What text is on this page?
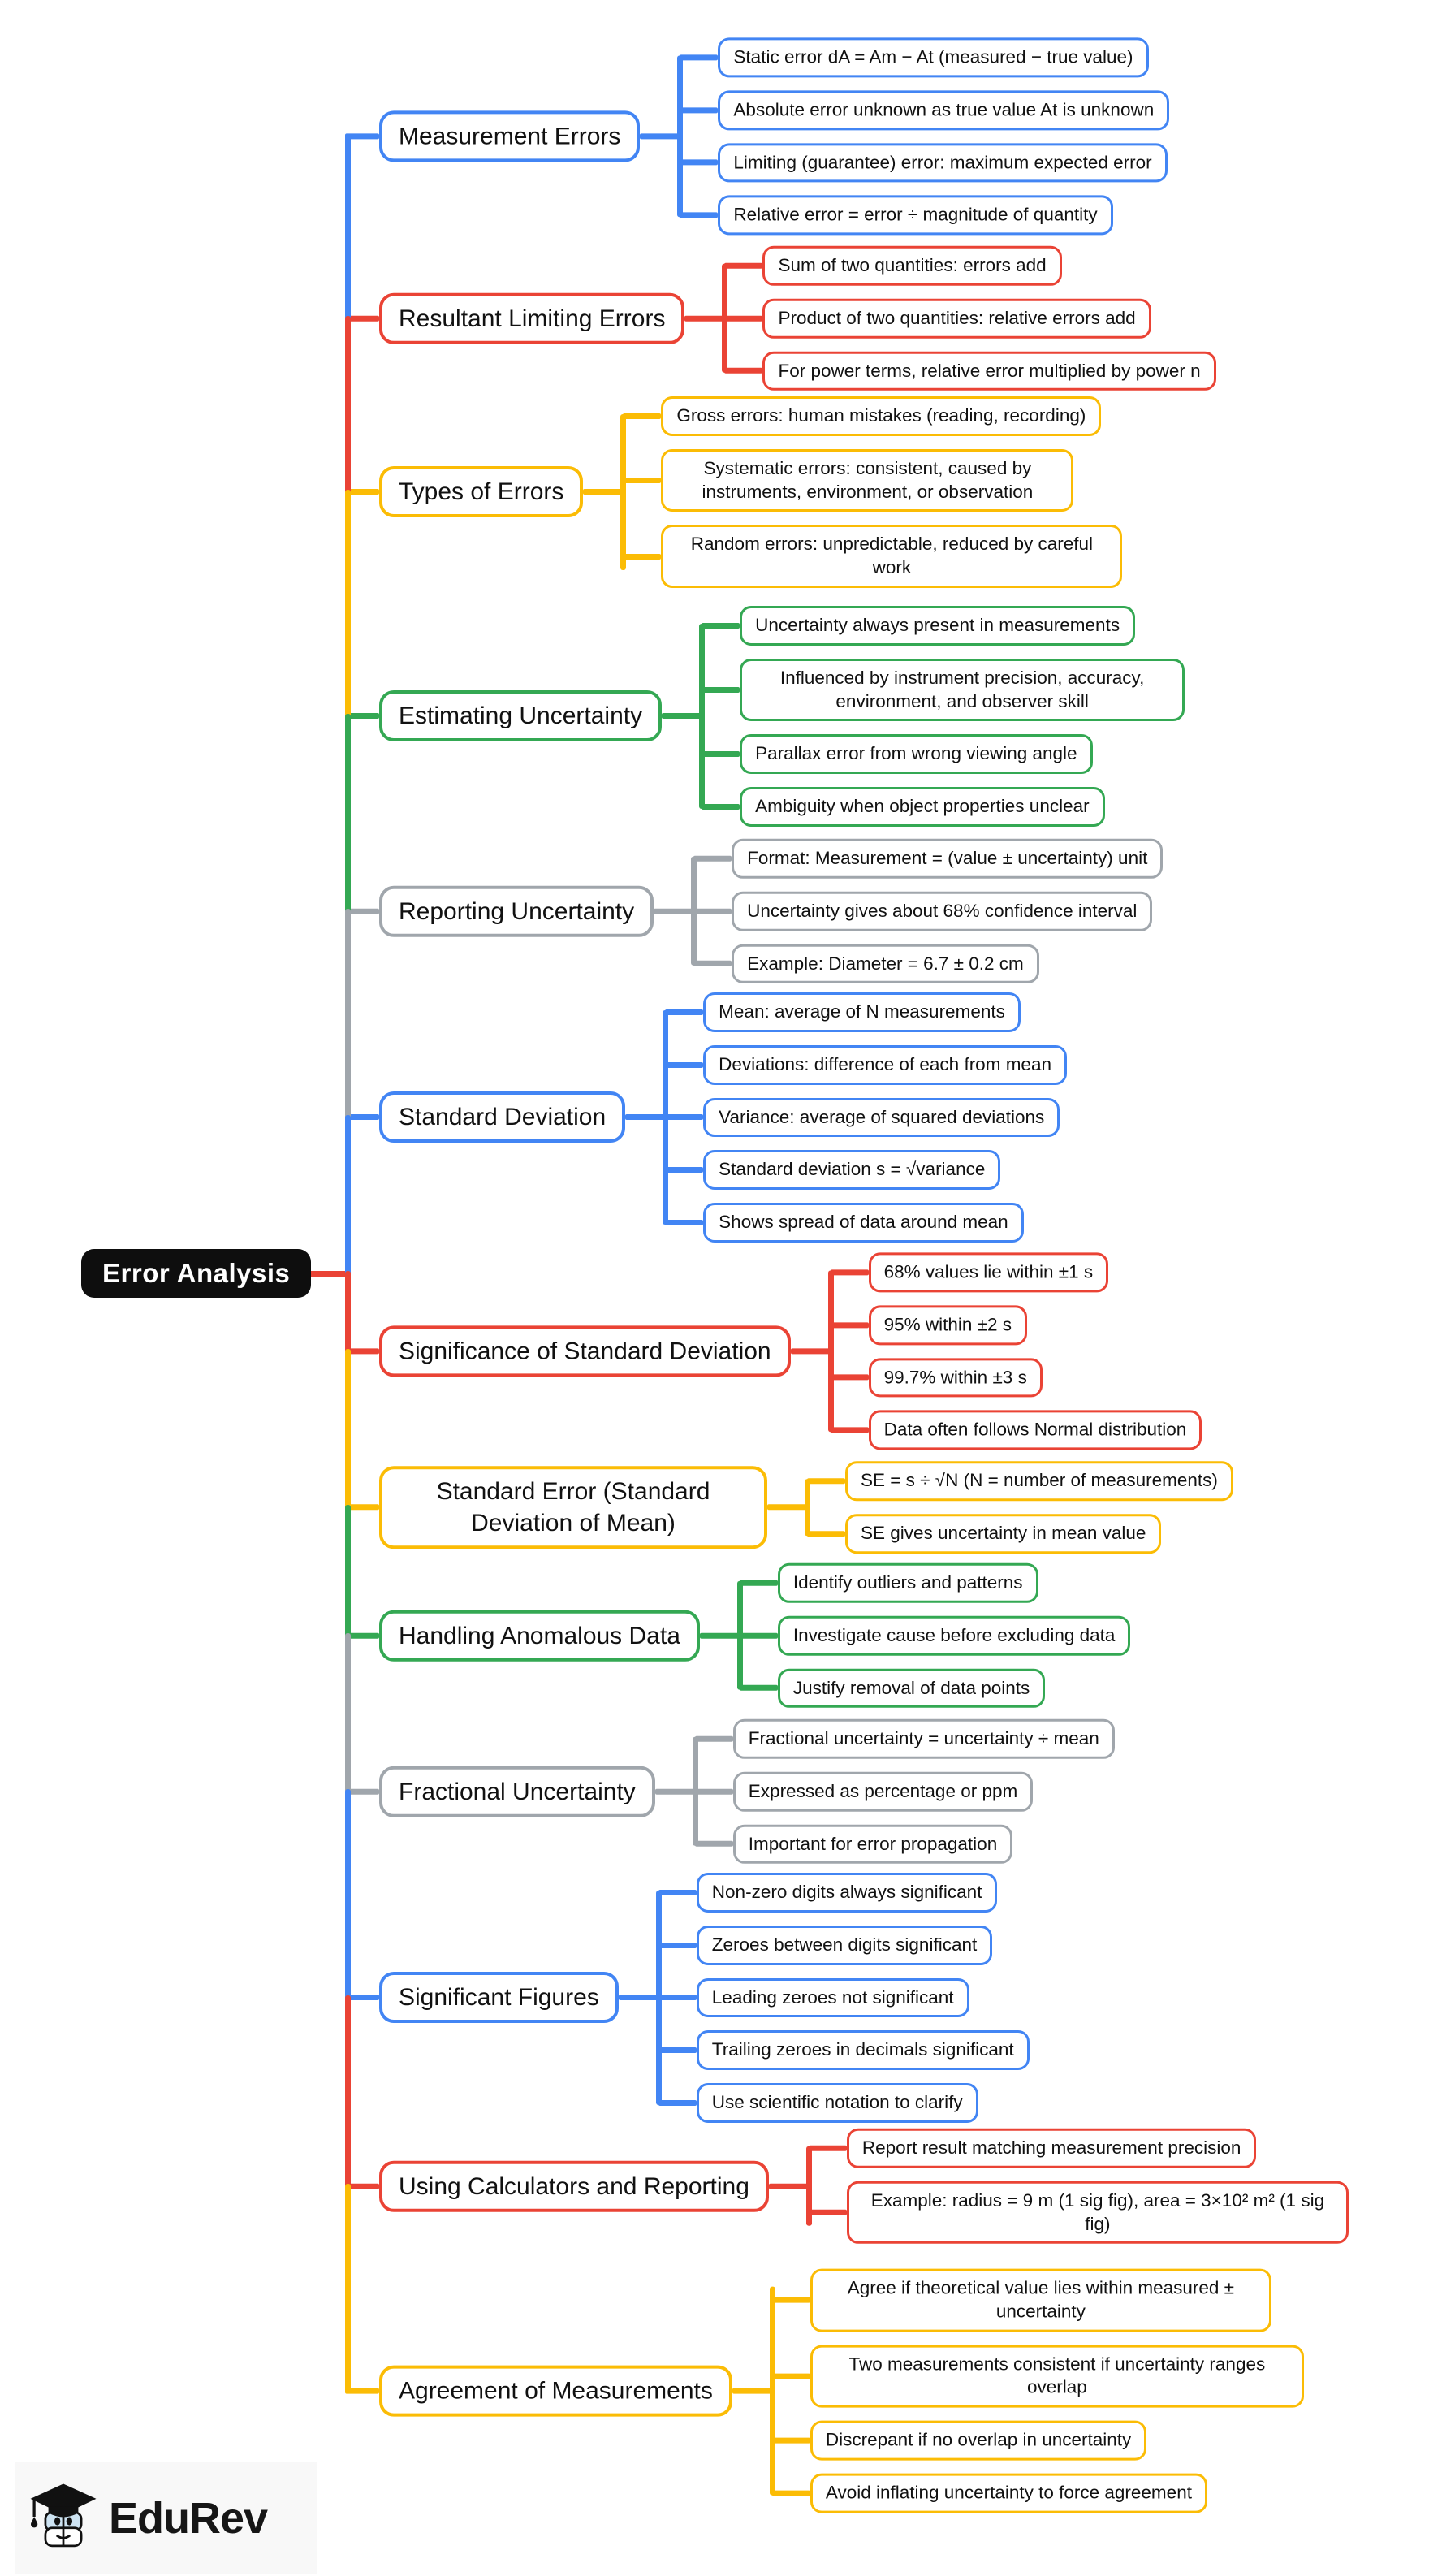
Error Analysis
Measurement Errors
Static error dA = Am − At (measured − true value)
Absolute error unknown as true value At is unknown
Limiting (guarantee) error: maximum expected error
Relative error = error ÷ magnitude of quantity
Resultant Limiting Errors
Sum of two quantities: errors add
Product of two quantities: relative errors add
For power terms, relative error multiplied by power n
Types of Errors
Gross errors: human mistakes (reading, recording)
Systematic errors: consistent, caused by instruments, environment, or observation
Random errors: unpredictable, reduced by careful work
Estimating Uncertainty
Uncertainty always present in measurements
Influenced by instrument precision, accuracy, environment, and observer skill
Parallax error from wrong viewing angle
Ambiguity when object properties unclear
Reporting Uncertainty
Format: Measurement = (value ± uncertainty) unit
Uncertainty gives about 68% confidence interval
Example: Diameter = 6.7 ± 0.2 cm
Standard Deviation
Mean: average of N measurements
Deviations: difference of each from mean
Variance: average of squared deviations
Standard deviation s = √variance
Shows spread of data around mean
Significance of Standard Deviation
68% values lie within ±1 s
95% within ±2 s
99.7% within ±3 s
Data often follows Normal distribution
Standard Error (Standard Deviation of Mean)
SE = s ÷ √N (N = number of measurements)
SE gives uncertainty in mean value
Handling Anomalous Data
Identify outliers and patterns
Investigate cause before excluding data
Justify removal of data points
Fractional Uncertainty
Fractional uncertainty = uncertainty ÷ mean
Expressed as percentage or ppm
Important for error propagation
Significant Figures
Non-zero digits always significant
Zeroes between digits significant
Leading zeroes not significant
Trailing zeroes in decimals significant
Use scientific notation to clarify
Using Calculators and Reporting
Report result matching measurement precision
Example: radius = 9 m (1 sig fig), area = 3×10² m² (1 sig fig)
Agreement of Measurements
Agree if theoretical value lies within measured ± uncertainty
Two measurements consistent if uncertainty ranges overlap
Discrepant if no overlap in uncertainty
Avoid inflating uncertainty to force agreement
EduRev
